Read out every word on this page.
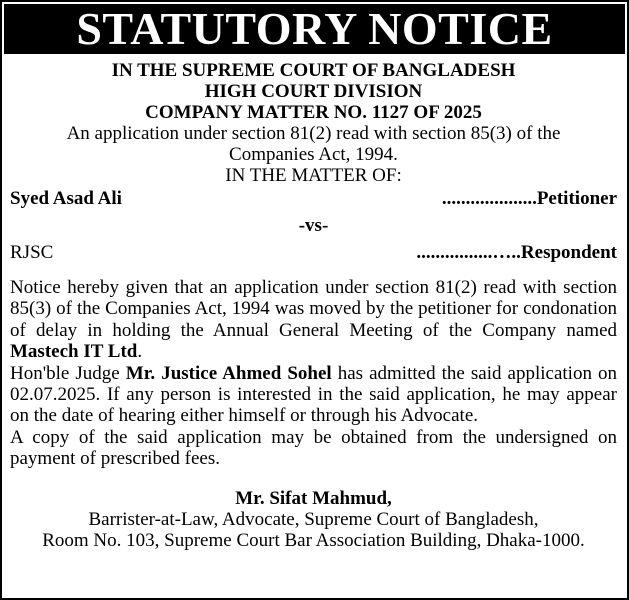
STATUTORY NOTICE
IN THE SUPREME COURT OF BANGLADESH
HIGH COURT DIVISION
COMPANY MATTER NO. 1127 OF 2025
An application under section 81(2) read with section 85(3) of the
Companies Act, 1994.
IN THE MATTER OF:
Syed Asad Ali	....................Petitioner
-vs-
RJSC	................…..Respondent

Notice hereby given that an application under section 81(2) read with section 85(3) of the Companies Act, 1994 was moved by the petitioner for condonation of delay in holding the Annual General Meeting of the Company named Mastech IT Ltd.

Hon'ble Judge Mr. Justice Ahmed Sohel has admitted the said application on 02.07.2025. If any person is interested in the said application, he may appear on the date of hearing either himself or through his Advocate.

A copy of the said application may be obtained from the undersigned on payment of prescribed fees.

Mr. Sifat Mahmud,
Barrister-at-Law, Advocate, Supreme Court of Bangladesh,
Room No. 103, Supreme Court Bar Association Building, Dhaka-1000.
